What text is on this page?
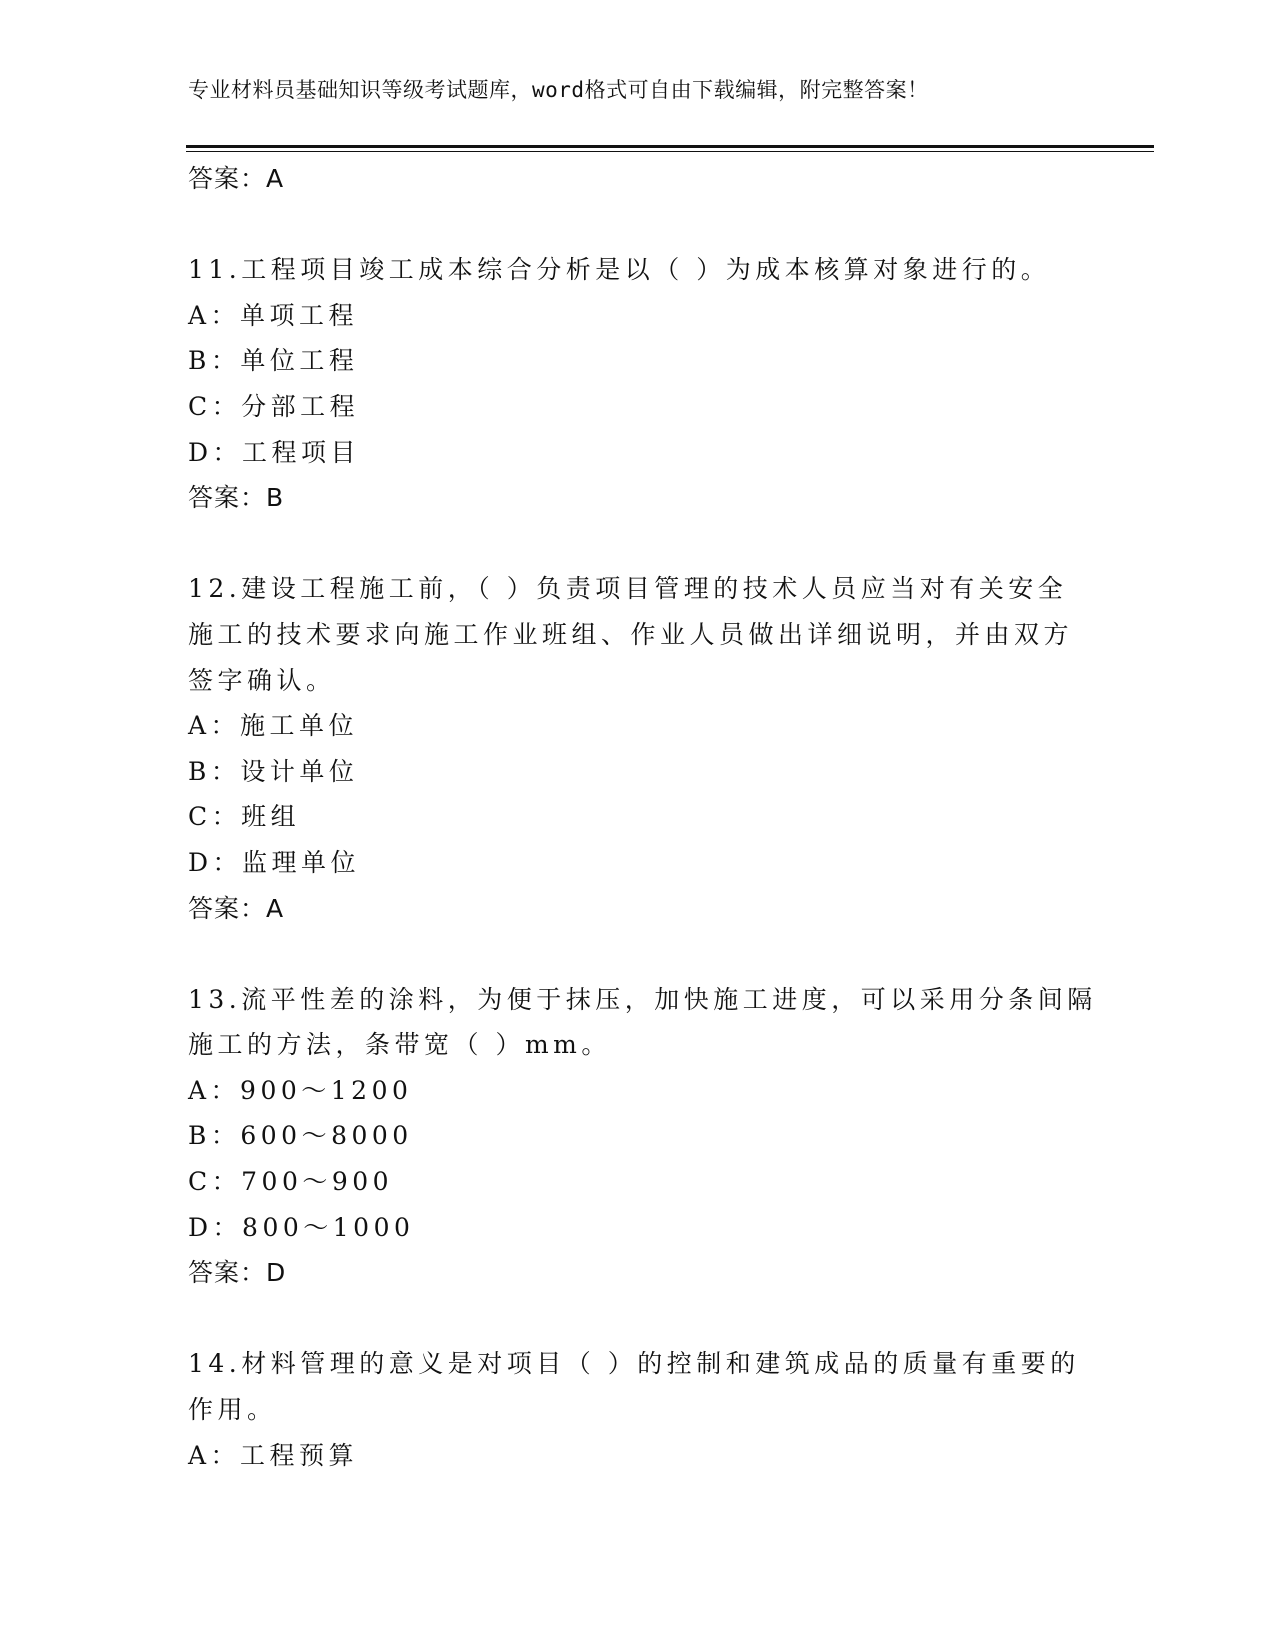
专业材料员基础知识等级考试题库，word格式可自由下载编辑，附完整答案！
答案：A
11.工程项目竣工成本综合分析是以（ ）为成本核算对象进行的。
A：单项工程
B：单位工程
C：分部工程
D：工程项目
答案：B
12.建设工程施工前，（ ）负责项目管理的技术人员应当对有关安全
施工的技术要求向施工作业班组、作业人员做出详细说明，并由双方
签字确认。
A：施工单位
B：设计单位
C：班组
D：监理单位
答案：A
13.流平性差的涂料，为便于抹压，加快施工进度，可以采用分条间隔
施工的方法，条带宽（ ）mm。
A：900～1200
B：600～8000
C：700～900
D：800～1000
答案：D
14.材料管理的意义是对项目（ ）的控制和建筑成品的质量有重要的
作用。
A：工程预算
